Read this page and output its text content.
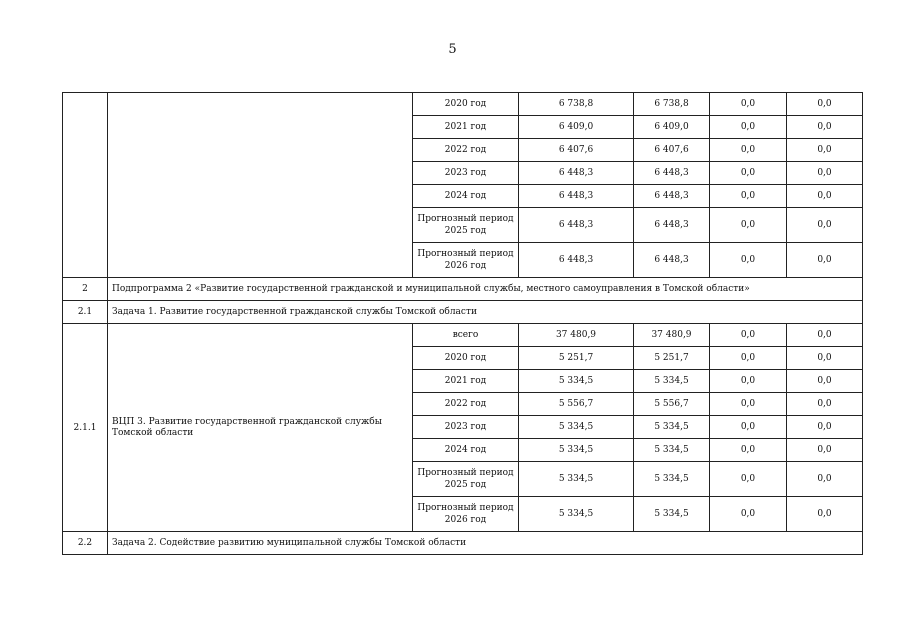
5
		2020 год	6 738,8	6 738,8	0,0	0,0
		2021 год	6 409,0	6 409,0	0,0	0,0
		2022 год	6 407,6	6 407,6	0,0	0,0
		2023 год	6 448,3	6 448,3	0,0	0,0
		2024 год	6 448,3	6 448,3	0,0	0,0
		Прогнозный период 2025 год	6 448,3	6 448,3	0,0	0,0
		Прогнозный период 2026 год	6 448,3	6 448,3	0,0	0,0
2	Подпрограмма 2 «Развитие государственной гражданской и муниципальной службы, местного самоуправления в Томской области»					
2.1	Задача 1. Развитие государственной гражданской службы Томской области					
2.1.1	ВЦП 3. Развитие государственной гражданской службы Томской области	всего	37 480,9	37 480,9	0,0	0,0
		2020 год	5 251,7	5 251,7	0,0	0,0
		2021 год	5 334,5	5 334,5	0,0	0,0
		2022 год	5 556,7	5 556,7	0,0	0,0
		2023 год	5 334,5	5 334,5	0,0	0,0
		2024 год	5 334,5	5 334,5	0,0	0,0
		Прогнозный период 2025 год	5 334,5	5 334,5	0,0	0,0
		Прогнозный период 2026 год	5 334,5	5 334,5	0,0	0,0
2.2	Задача 2. Содействие развитию муниципальной службы Томской области					
